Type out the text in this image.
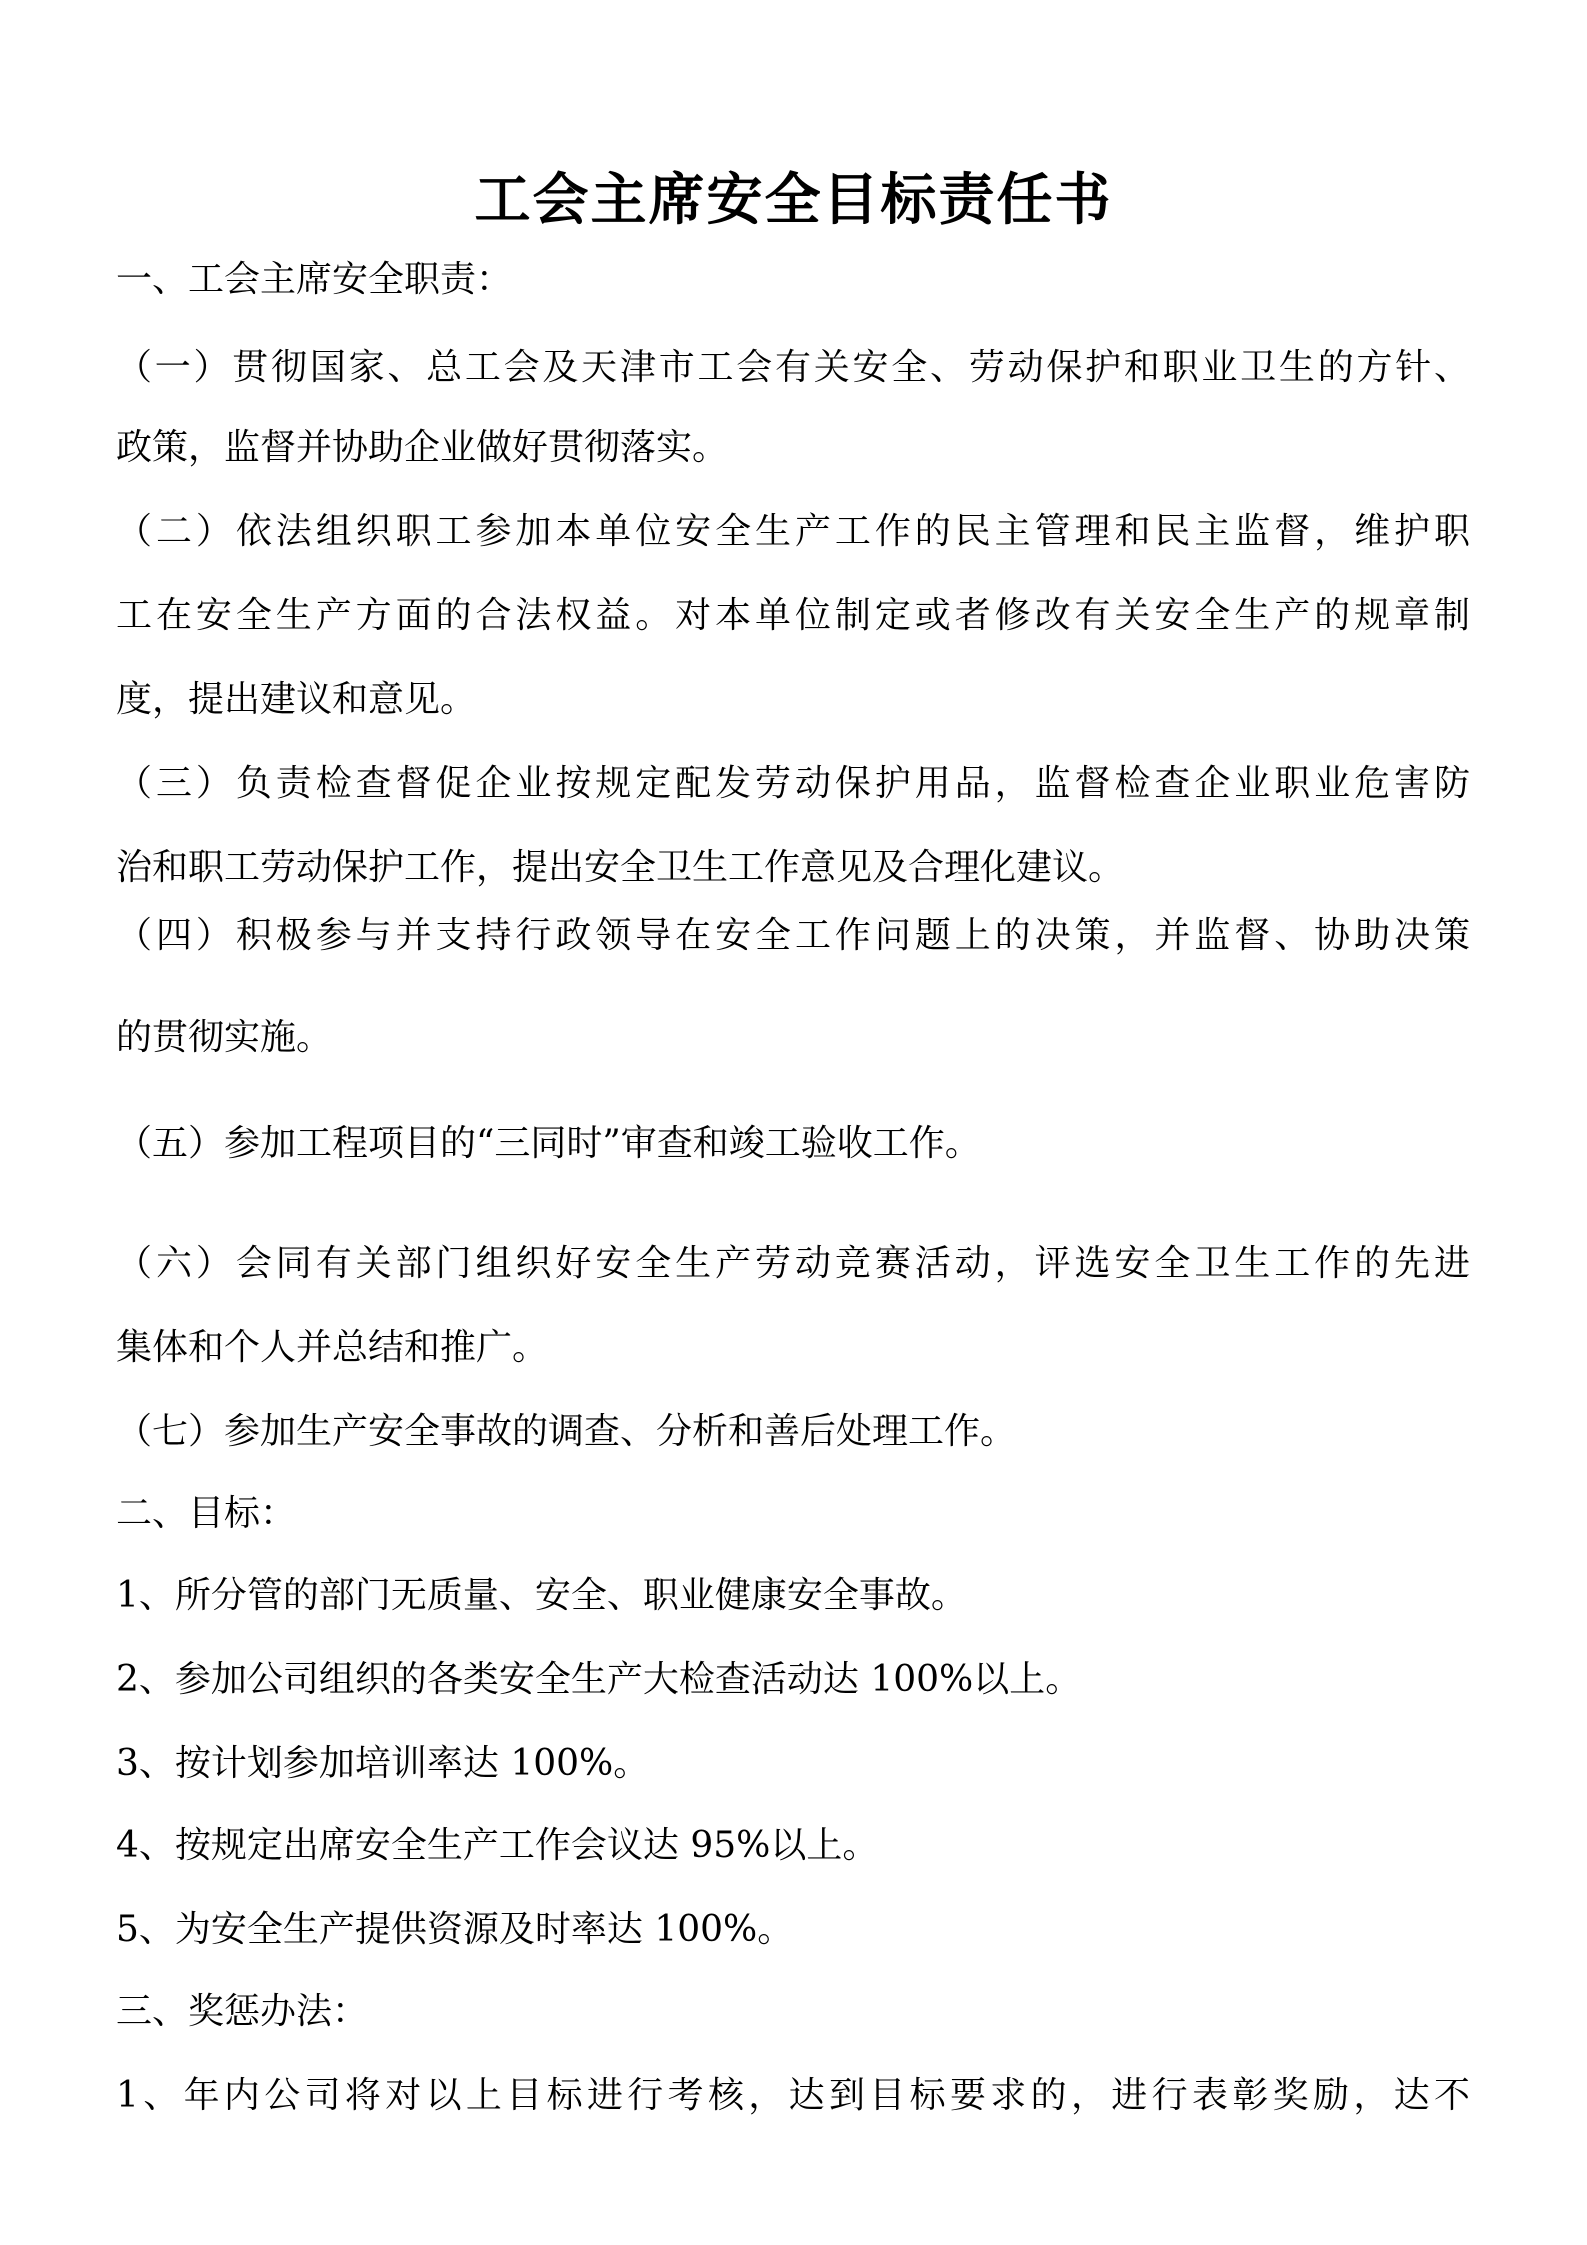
工会主席安全目标责任书
一、工会主席安全职责：
（一）贯彻国家、总工会及天津市工会有关安全、劳动保护和职业卫生的方针、
政策，监督并协助企业做好贯彻落实。
（二）依法组织职工参加本单位安全生产工作的民主管理和民主监督，维护职
工在安全生产方面的合法权益。对本单位制定或者修改有关安全生产的规章制
度，提出建议和意见。
（三）负责检查督促企业按规定配发劳动保护用品，监督检查企业职业危害防
治和职工劳动保护工作，提出安全卫生工作意见及合理化建议。
（四）积极参与并支持行政领导在安全工作问题上的决策，并监督、协助决策
的贯彻实施。
（五）参加工程项目的“三同时”审查和竣工验收工作。
（六）会同有关部门组织好安全生产劳动竞赛活动，评选安全卫生工作的先进
集体和个人并总结和推广。
（七）参加生产安全事故的调查、分析和善后处理工作。
二、目标：
1、所分管的部门无质量、安全、职业健康安全事故。
2、参加公司组织的各类安全生产大检查活动达 100%以上。
3、按计划参加培训率达 100%。
4、按规定出席安全生产工作会议达 95%以上。
5、为安全生产提供资源及时率达 100%。
三、奖惩办法：
1、年内公司将对以上目标进行考核，达到目标要求的，进行表彰奖励，达不
